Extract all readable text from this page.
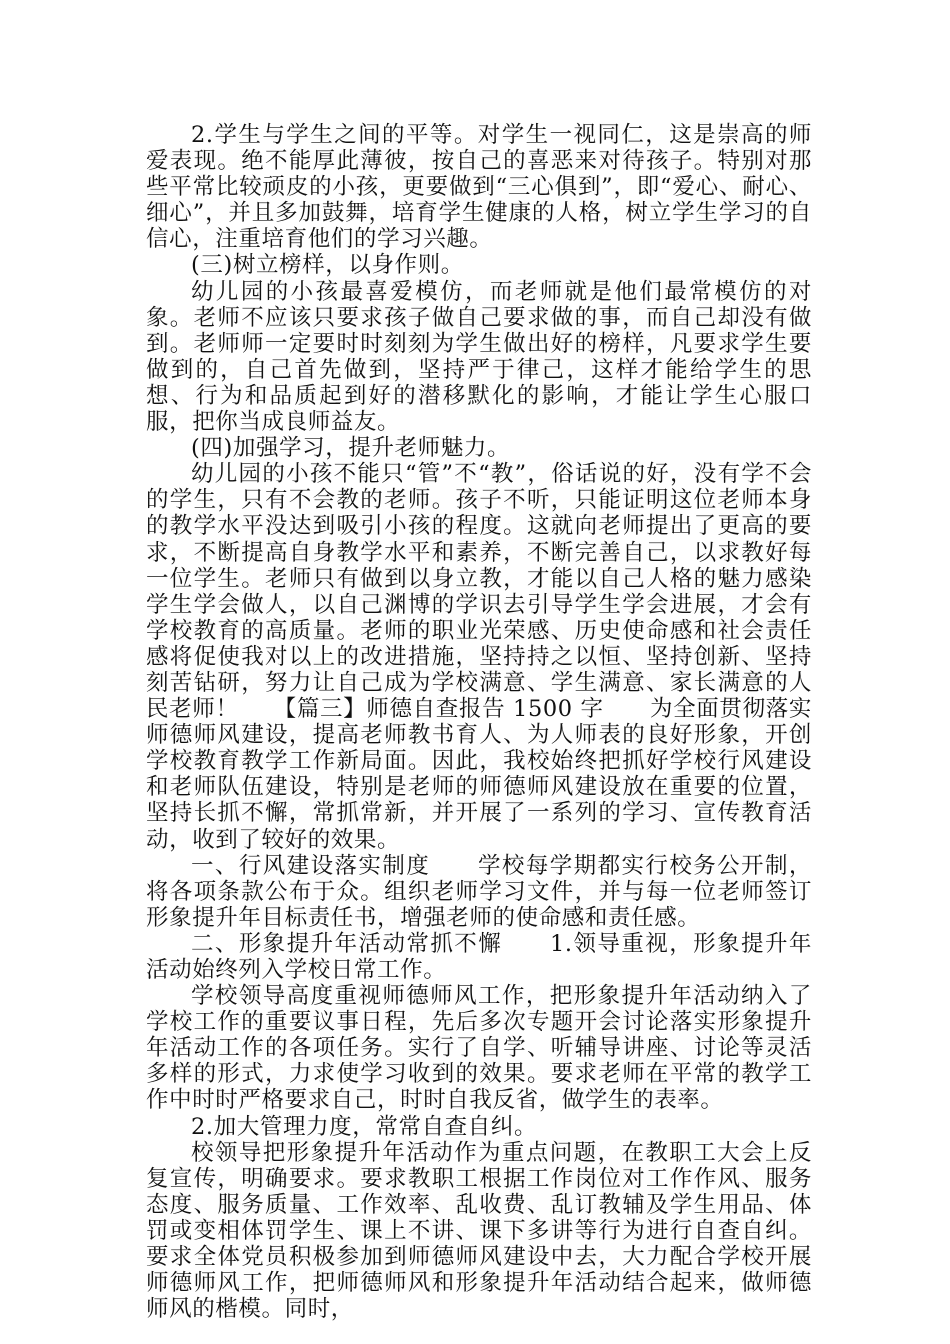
2.学生与学生之间的平等。对学生一视同仁，这是崇高的师爱表现。绝不能厚此薄彼，按自己的喜恶来对待孩子。特别对那些平常比较顽皮的小孩，更要做到“三心俱到”，即“爱心、耐心、细心”，并且多加鼓舞，培育学生健康的人格，树立学生学习的自信心，注重培育他们的学习兴趣。

(三)树立榜样，以身作则。

幼儿园的小孩最喜爱模仿，而老师就是他们最常模仿的对象。老师不应该只要求孩子做自己要求做的事，而自己却没有做到。老师师一定要时时刻刻为学生做出好的榜样，凡要求学生要做到的，自己首先做到，坚持严于律己，这样才能给学生的思想、行为和品质起到好的潜移默化的影响，才能让学生心服口服，把你当成良师益友。

(四)加强学习，提升老师魅力。

幼儿园的小孩不能只“管”不“教”，俗话说的好，没有学不会的学生，只有不会教的老师。孩子不听，只能证明这位老师本身的教学水平没达到吸引小孩的程度。这就向老师提出了更高的要求，不断提高自身教学水平和素养，不断完善自己，以求教好每一位学生。老师只有做到以身立教，才能以自己人格的魅力感染学生学会做人，以自己渊博的学识去引导学生学会进展，才会有学校教育的高质量。老师的职业光荣感、历史使命感和社会责任感将促使我对以上的改进措施，坚持持之以恒、坚持创新、坚持刻苦钻研，努力让自己成为学校满意、学生满意、家长满意的人民老师！　　【篇三】师德自查报告 1500 字　　为全面贯彻落实师德师风建设，提高老师教书育人、为人师表的良好形象，开创学校教育教学工作新局面。因此，我校始终把抓好学校行风建设和老师队伍建设，特别是老师的师德师风建设放在重要的位置，坚持长抓不懈，常抓常新，并开展了一系列的学习、宣传教育活动，收到了较好的效果。

一、行风建设落实制度　　学校每学期都实行校务公开制，将各项条款公布于众。组织老师学习文件，并与每一位老师签订形象提升年目标责任书，增强老师的使命感和责任感。

二、形象提升年活动常抓不懈　　1.领导重视，形象提升年活动始终列入学校日常工作。

学校领导高度重视师德师风工作，把形象提升年活动纳入了学校工作的重要议事日程，先后多次专题开会讨论落实形象提升年活动工作的各项任务。实行了自学、听辅导讲座、讨论等灵活多样的形式，力求使学习收到的效果。要求老师在平常的教学工作中时时严格要求自己，时时自我反省，做学生的表率。

2.加大管理力度，常常自查自纠。

校领导把形象提升年活动作为重点问题，在教职工大会上反复宣传，明确要求。要求教职工根据工作岗位对工作作风、服务态度、服务质量、工作效率、乱收费、乱订教辅及学生用品、体罚或变相体罚学生、课上不讲、课下多讲等行为进行自查自纠。要求全体党员积极参加到师德师风建设中去，大力配合学校开展师德师风工作，把师德师风和形象提升年活动结合起来，做师德师风的楷模。同时，
